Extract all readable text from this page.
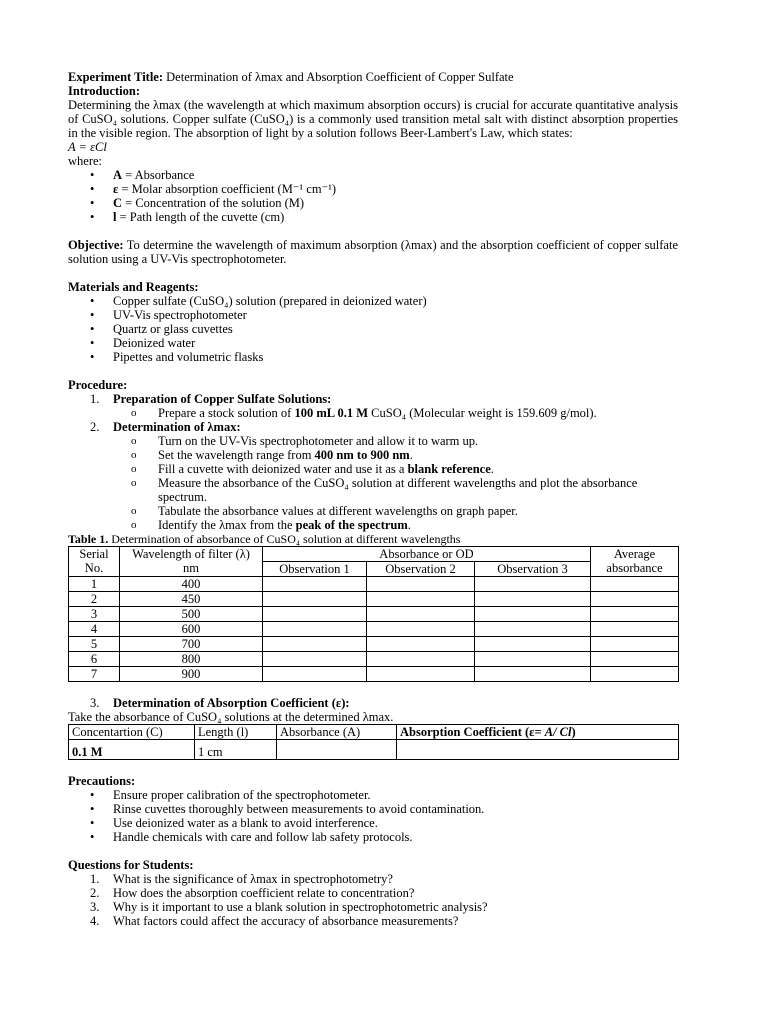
Experiment Title: Determination of λmax and Absorption Coefficient of Copper Sulfate

Introduction:

Determining the λmax (the wavelength at which maximum absorption occurs) is crucial for accurate quantitative analysis of CuSO₄ solutions. Copper sulfate (CuSO₄) is a commonly used transition metal salt with distinct absorption properties in the visible region. The absorption of light by a solution follows Beer-Lambert's Law, which states:

A = εCl

where:

• A = Absorbance
• ε = Molar absorption coefficient (M⁻¹ cm⁻¹)
• C = Concentration of the solution (M)
• l = Path length of the cuvette (cm)

Objective: To determine the wavelength of maximum absorption (λmax) and the absorption coefficient of copper sulfate solution using a UV-Vis spectrophotometer.

Materials and Reagents:

• Copper sulfate (CuSO₄) solution (prepared in deionized water)
• UV-Vis spectrophotometer
• Quartz or glass cuvettes
• Deionized water
• Pipettes and volumetric flasks

Procedure:

1. Preparation of Copper Sulfate Solutions:
o Prepare a stock solution of 100 mL 0.1 M CuSO₄ (Molecular weight is 159.609 g/mol).
2. Determination of λmax:
o Turn on the UV-Vis spectrophotometer and allow it to warm up.
o Set the wavelength range from 400 nm to 900 nm.
o Fill a cuvette with deionized water and use it as a blank reference.
o Measure the absorbance of the CuSO₄ solution at different wavelengths and plot the absorbance spectrum.
o Tabulate the absorbance values at different wavelengths on graph paper.
o Identify the λmax from the peak of the spectrum.

Table 1. Determination of absorbance of CuSO₄ solution at different wavelengths

Serial No.	Wavelength of filter (λ) nm	Absorbance or OD			Average absorbance
		Observation 1	Observation 2	Observation 3	
1	400				
2	450				
3	500				
4	600				
5	700				
6	800				
7	900				
3. Determination of Absorption Coefficient (ε):

Take the absorbance of CuSO₄ solutions at the determined λmax.

Concentartion (C)	Length (l)	Absorbance (A)	Absorption Coefficient (ε= A/ Cl)
0.1 M	1 cm		

Precautions:

• Ensure proper calibration of the spectrophotometer.
• Rinse cuvettes thoroughly between measurements to avoid contamination.
• Use deionized water as a blank to avoid interference.
• Handle chemicals with care and follow lab safety protocols.

Questions for Students:

1. What is the significance of λmax in spectrophotometry?
2. How does the absorption coefficient relate to concentration?
3. Why is it important to use a blank solution in spectrophotometric analysis?
4. What factors could affect the accuracy of absorbance measurements?
